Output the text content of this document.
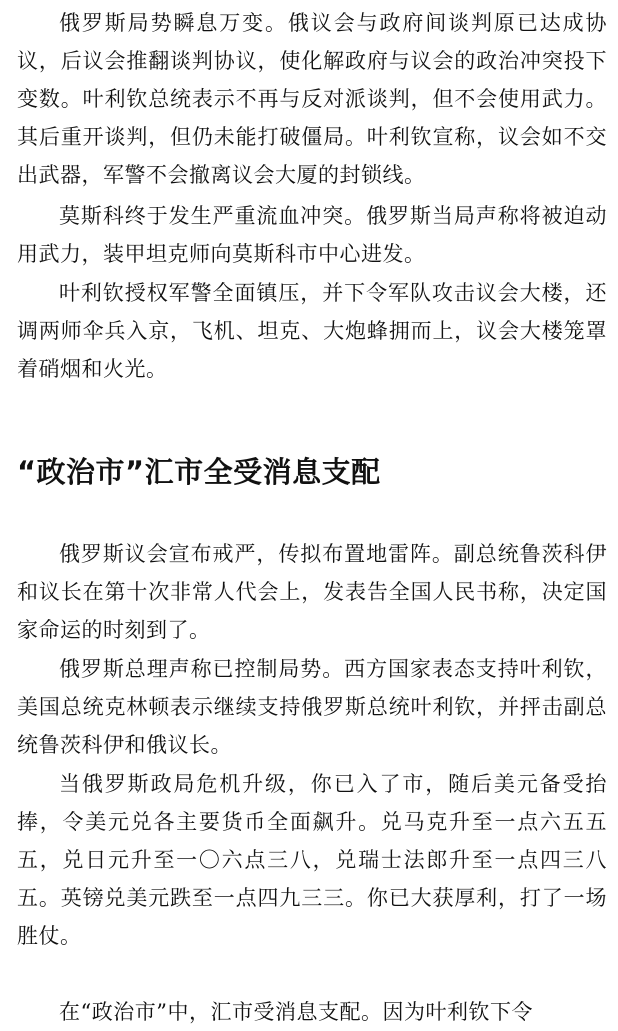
俄罗斯局势瞬息万变。俄议会与政府间谈判原已达成协议，后议会推翻谈判协议，使化解政府与议会的政治冲突投下变数。叶利钦总统表示不再与反对派谈判，但不会使用武力。其后重开谈判，但仍未能打破僵局。叶利钦宣称，议会如不交出武器，军警不会撤离议会大厦的封锁线。

莫斯科终于发生严重流血冲突。俄罗斯当局声称将被迫动用武力，装甲坦克师向莫斯科市中心进发。

叶利钦授权军警全面镇压，并下令军队攻击议会大楼，还调两师伞兵入京，飞机、坦克、大炮蜂拥而上，议会大楼笼罩着硝烟和火光。

“政治市”汇市全受消息支配

俄罗斯议会宣布戒严，传拟布置地雷阵。副总统鲁茨科伊和议长在第十次非常人代会上，发表告全国人民书称，决定国家命运的时刻到了。

俄罗斯总理声称已控制局势。西方国家表态支持叶利钦，美国总统克林顿表示继续支持俄罗斯总统叶利钦，并抨击副总统鲁茨科伊和俄议长。

当俄罗斯政局危机升级，你已入了市，随后美元备受抬捧，令美元兑各主要货币全面飙升。兑马克升至一点六五五五，兑日元升至一〇六点三八，兑瑞士法郎升至一点四三八五。英镑兑美元跌至一点四九三三。你已大获厚利，打了一场胜仗。

在“政治市”中，汇市受消息支配。因为叶利钦下令
